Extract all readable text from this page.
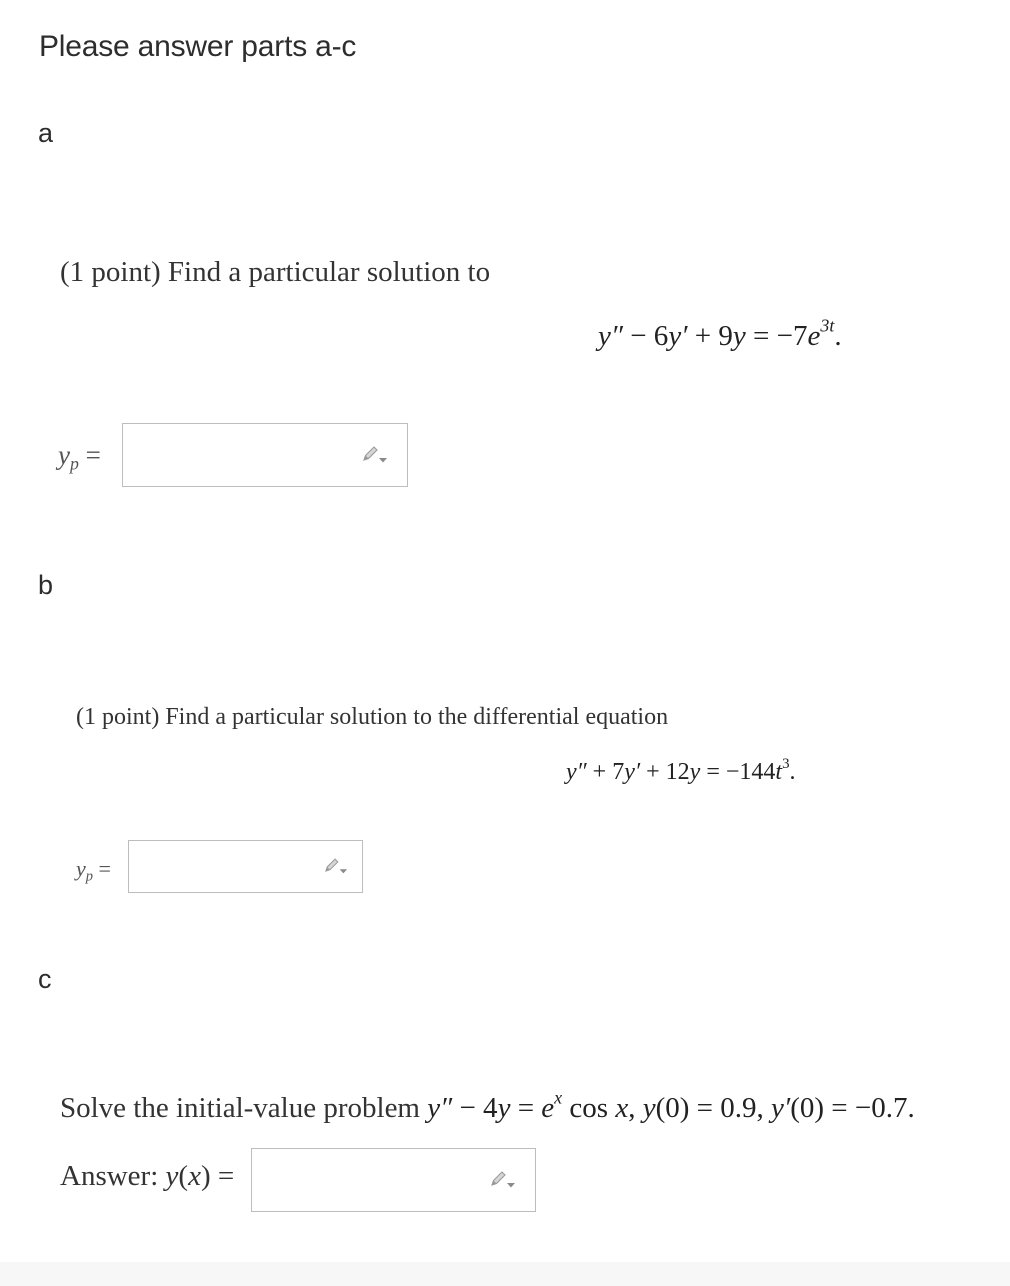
Please answer parts a-c
a
(1 point) Find a particular solution to
$y'' - 6y' + 9y = -7e^{3t}$.
$y_p$ =
b
(1 point) Find a particular solution to the differential equation
$y'' + 7y' + 12y = -144t^3$.
$y_p$ =
c
Solve the initial-value problem $y'' - 4y = e^x$ cos x, y(0) = 0.9, y′(0) = −0.7.
Answer: y(x) =
